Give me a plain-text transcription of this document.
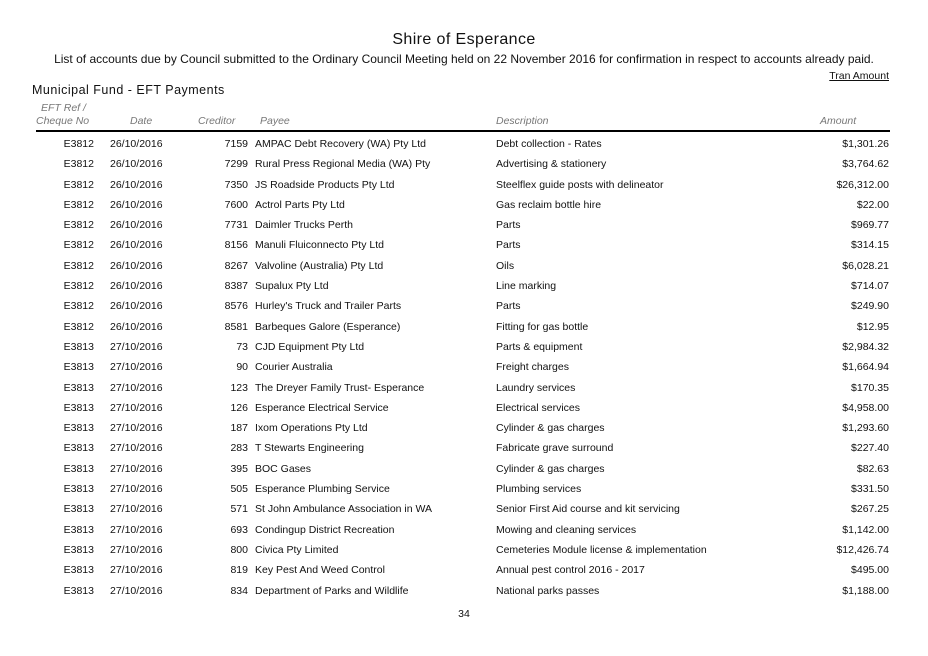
Shire of Esperance
List of accounts due by Council submitted to the Ordinary Council Meeting held on 22 November 2016 for confirmation in respect to accounts already paid.
Tran Amount
Municipal Fund - EFT Payments
EFT Ref /
Cheque No	Date	Creditor Payee	Description	Amount
E3812 26/10/2016	7159 AMPAC Debt Recovery (WA) Pty Ltd	Debt collection - Rates	$1,301.26
E3812 26/10/2016	7299 Rural Press Regional Media (WA) Pty	Advertising & stationery	$3,764.62
E3812 26/10/2016	7350 JS Roadside Products Pty Ltd	Steelflex guide posts with delineator	$26,312.00
E3812 26/10/2016	7600 Actrol Parts Pty Ltd	Gas reclaim bottle hire	$22.00
E3812 26/10/2016	7731 Daimler Trucks Perth	Parts	$969.77
E3812 26/10/2016	8156 Manuli Fluiconnecto Pty Ltd	Parts	$314.15
E3812 26/10/2016	8267 Valvoline (Australia) Pty Ltd	Oils	$6,028.21
E3812 26/10/2016	8387 Supalux Pty Ltd	Line marking	$714.07
E3812 26/10/2016	8576 Hurley's Truck and Trailer Parts	Parts	$249.90
E3812 26/10/2016	8581 Barbeques Galore (Esperance)	Fitting for gas bottle	$12.95
E3813 27/10/2016	73 CJD Equipment Pty Ltd	Parts & equipment	$2,984.32
E3813 27/10/2016	90 Courier Australia	Freight charges	$1,664.94
E3813 27/10/2016	123 The Dreyer Family Trust- Esperance	Laundry services	$170.35
E3813 27/10/2016	126 Esperance Electrical Service	Electrical services	$4,958.00
E3813 27/10/2016	187 Ixom Operations Pty Ltd	Cylinder & gas charges	$1,293.60
E3813 27/10/2016	283 T Stewarts Engineering	Fabricate grave surround	$227.40
E3813 27/10/2016	395 BOC Gases	Cylinder & gas charges	$82.63
E3813 27/10/2016	505 Esperance Plumbing Service	Plumbing services	$331.50
E3813 27/10/2016	571 St John Ambulance Association in WA	Senior First Aid course and kit servicing	$267.25
E3813 27/10/2016	693 Condingup District Recreation	Mowing and cleaning services	$1,142.00
E3813 27/10/2016	800 Civica Pty Limited	Cemeteries Module license & implementation	$12,426.74
E3813 27/10/2016	819 Key Pest And Weed Control	Annual pest control 2016 - 2017	$495.00
E3813 27/10/2016	834 Department of Parks and Wildlife	National parks passes	$1,188.00
34
